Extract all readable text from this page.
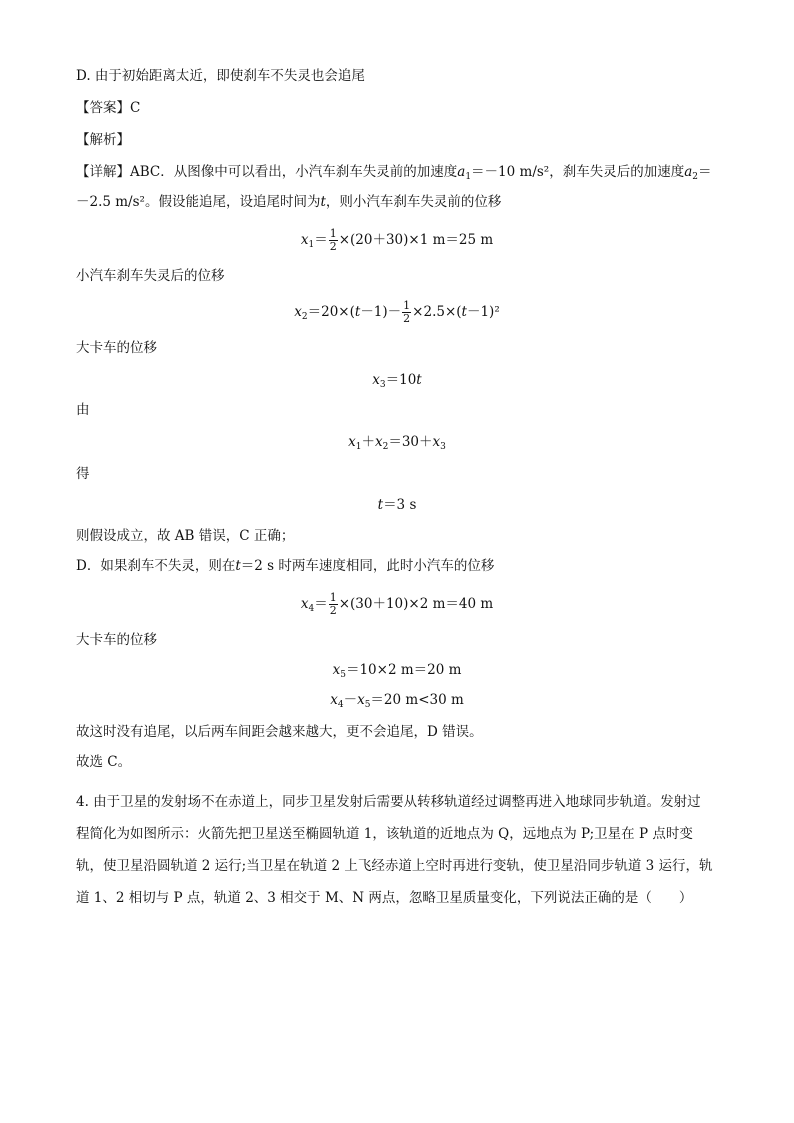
D. 由于初始距离太近，即使刹车不失灵也会追尾
【答案】C
【解析】
【详解】ABC．从图像中可以看出，小汽车刹车失灵前的加速度$a_1=-10$ m/s²，刹车失灵后的加速度$a_2=$
－2.5 m/s²。假设能追尾，设追尾时间为t，则小汽车刹车失灵前的位移
$x_1= \frac{1}{2} \times(20+30)\times 1$ m＝25 m
小汽车刹车失灵后的位移
$x_2=20\times(t-1)- \frac{1}{2} \times 2.5\times(t-1)^2$
大卡车的位移
$x_3=10t$
由
$x_1+x_2=30+x_3$
得
t＝3 s
则假设成立，故 AB 错误，C 正确；
D．如果刹车不失灵，则在t＝2 s 时两车速度相同，此时小汽车的位移
$x_4= \frac{1}{2} \times(30+10)\times 2$ m＝40 m
大卡车的位移
$x_5=10\times 2$ m＝20 m
$x_4-x_5=20$ m<30 m
故这时没有追尾，以后两车间距会越来越大，更不会追尾，D 错误。
故选 C。
4. 由于卫星的发射场不在赤道上，同步卫星发射后需要从转移轨道经过调整再进入地球同步轨道。发射过
程简化为如图所示：火箭先把卫星送至椭圆轨道 1，该轨道的近地点为 Q，远地点为 P;卫星在 P 点时变
轨，使卫星沿圆轨道 2 运行;当卫星在轨道 2 上飞经赤道上空时再进行变轨，使卫星沿同步轨道 3 运行，轨
道 1、2 相切与 P 点，轨道 2、3 相交于 M、N 两点，忽略卫星质量变化，下列说法正确的是（　　）
